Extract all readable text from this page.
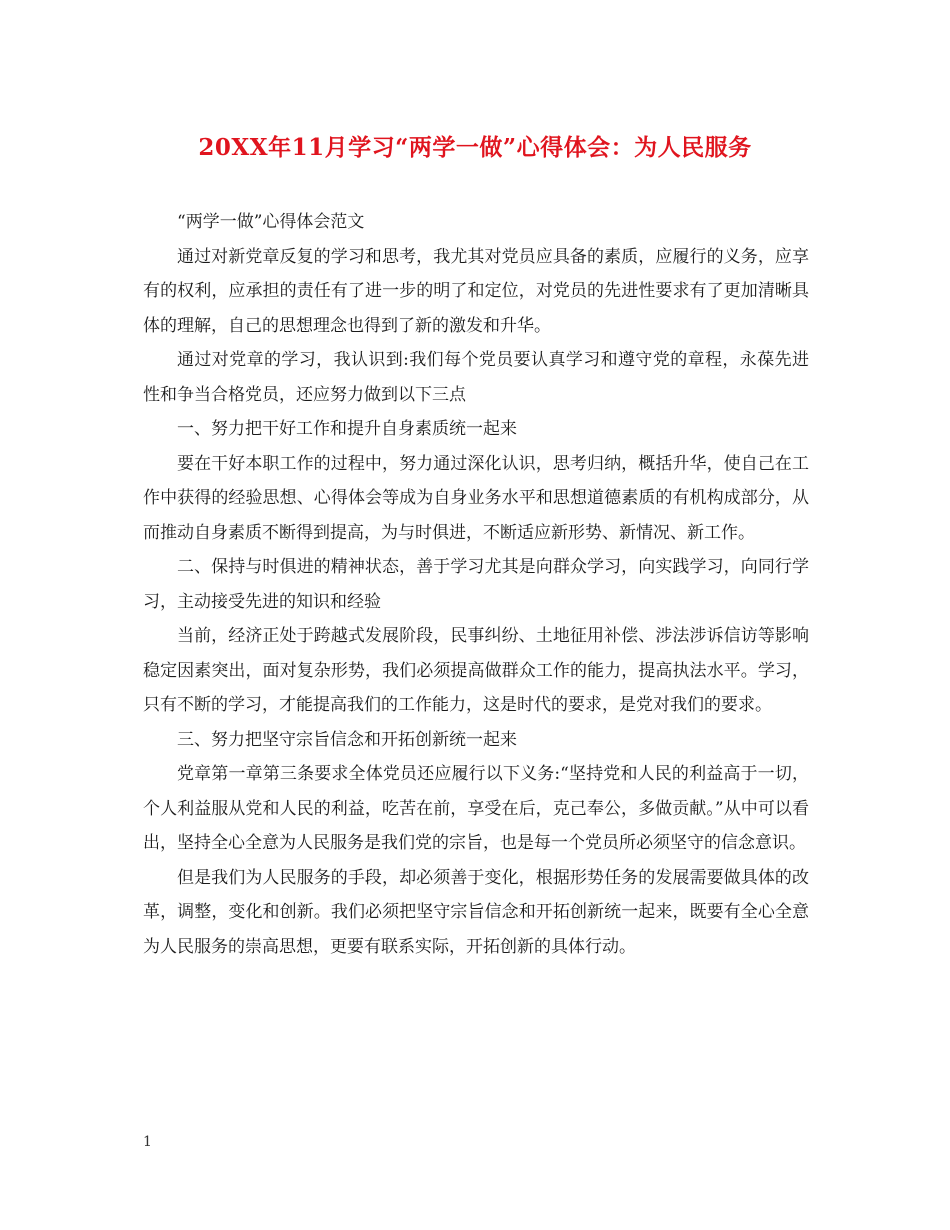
20XX年11月学习“两学一做”心得体会：为人民服务

“两学一做”心得体会范文

通过对新党章反复的学习和思考，我尤其对党员应具备的素质，应履行的义务，应享有的权利，应承担的责任有了进一步的明了和定位，对党员的先进性要求有了更加清晰具体的理解，自己的思想理念也得到了新的激发和升华。

通过对党章的学习，我认识到:我们每个党员要认真学习和遵守党的章程，永葆先进性和争当合格党员，还应努力做到以下三点

一、努力把干好工作和提升自身素质统一起来

要在干好本职工作的过程中，努力通过深化认识，思考归纳，概括升华，使自己在工作中获得的经验思想、心得体会等成为自身业务水平和思想道德素质的有机构成部分，从而推动自身素质不断得到提高，为与时俱进，不断适应新形势、新情况、新工作。

二、保持与时俱进的精神状态，善于学习尤其是向群众学习，向实践学习，向同行学习，主动接受先进的知识和经验

当前，经济正处于跨越式发展阶段，民事纠纷、土地征用补偿、涉法涉诉信访等影响稳定因素突出，面对复杂形势，我们必须提高做群众工作的能力，提高执法水平。学习，只有不断的学习，才能提高我们的工作能力，这是时代的要求，是党对我们的要求。

三、努力把坚守宗旨信念和开拓创新统一起来

党章第一章第三条要求全体党员还应履行以下义务:“坚持党和人民的利益高于一切，个人利益服从党和人民的利益，吃苦在前，享受在后，克己奉公，多做贡献。”从中可以看出，坚持全心全意为人民服务是我们党的宗旨，也是每一个党员所必须坚守的信念意识。

但是我们为人民服务的手段，却必须善于变化，根据形势任务的发展需要做具体的改革，调整，变化和创新。我们必须把坚守宗旨信念和开拓创新统一起来，既要有全心全意为人民服务的崇高思想，更要有联系实际，开拓创新的具体行动。

1
